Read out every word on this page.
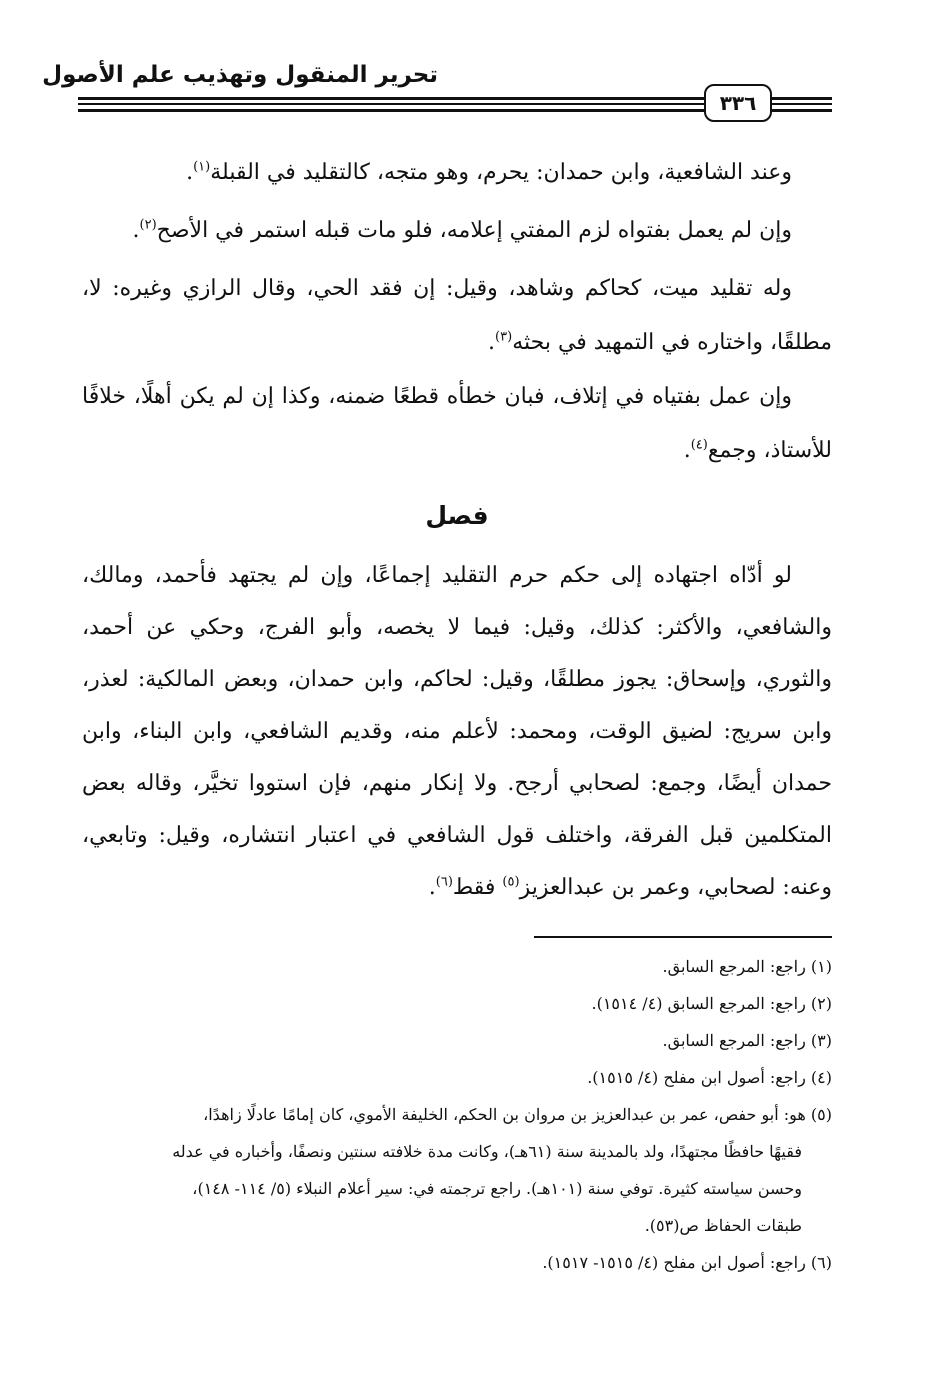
تحرير المنقول وتهذيب علم الأصول
٣٣٦

وعند الشافعية، وابن حمدان: يحرم، وهو متجه، كالتقليد في القبلة$^{(١)}$.

وإن لم يعمل بفتواه لزم المفتي إعلامه، فلو مات قبله استمر في الأصح$^{(٢)}$.

وله تقليد ميت، كحاكم وشاهد، وقيل: إن فقد الحي، وقال الرازي وغيره: لا، مطلقًا، واختاره في التمهيد في بحثه$^{(٣)}$.

وإن عمل بفتياه في إتلاف، فبان خطأه قطعًا ضمنه، وكذا إن لم يكن أهلًا، خلافًا للأستاذ، وجمع$^{(٤)}$.

فصل

لو أدّاه اجتهاده إلى حكم حرم التقليد إجماعًا، وإن لم يجتهد فأحمد، ومالك، والشافعي، والأكثر: كذلك، وقيل: فيما لا يخصه، وأبو الفرج، وحكي عن أحمد، والثوري، وإسحاق: يجوز مطلقًا، وقيل: لحاكم، وابن حمدان، وبعض المالكية: لعذر، وابن سريج: لضيق الوقت، ومحمد: لأعلم منه، وقديم الشافعي، وابن البناء، وابن حمدان أيضًا، وجمع: لصحابي أرجح. ولا إنكار منهم، فإن استووا تخيَّر، وقاله بعض المتكلمين قبل الفرقة، واختلف قول الشافعي في اعتبار انتشاره، وقيل: وتابعي، وعنه: لصحابي، وعمر بن عبدالعزيز$^{(٥)}$ فقط$^{(٦)}$.

(١) راجع: المرجع السابق.

(٢) راجع: المرجع السابق (٤/ ١٥١٤).

(٣) راجع: المرجع السابق.

(٤) راجع: أصول ابن مفلح (٤/ ١٥١٥).

(٥) هو: أبو حفص، عمر بن عبدالعزيز بن مروان بن الحكم، الخليفة الأموي، كان إمامًا عادلًا زاهدًا،

فقيهًا حافظًا مجتهدًا، ولد بالمدينة سنة (٦١هـ)، وكانت مدة خلافته سنتين ونصفًا، وأخباره في عدله

وحسن سياسته كثيرة. توفي سنة (١٠١هـ). راجع ترجمته في: سير أعلام النبلاء (٥/ ١١٤- ١٤٨)،

طبقات الحفاظ ص(٥٣).

(٦) راجع: أصول ابن مفلح (٤/ ١٥١٥- ١٥١٧).
